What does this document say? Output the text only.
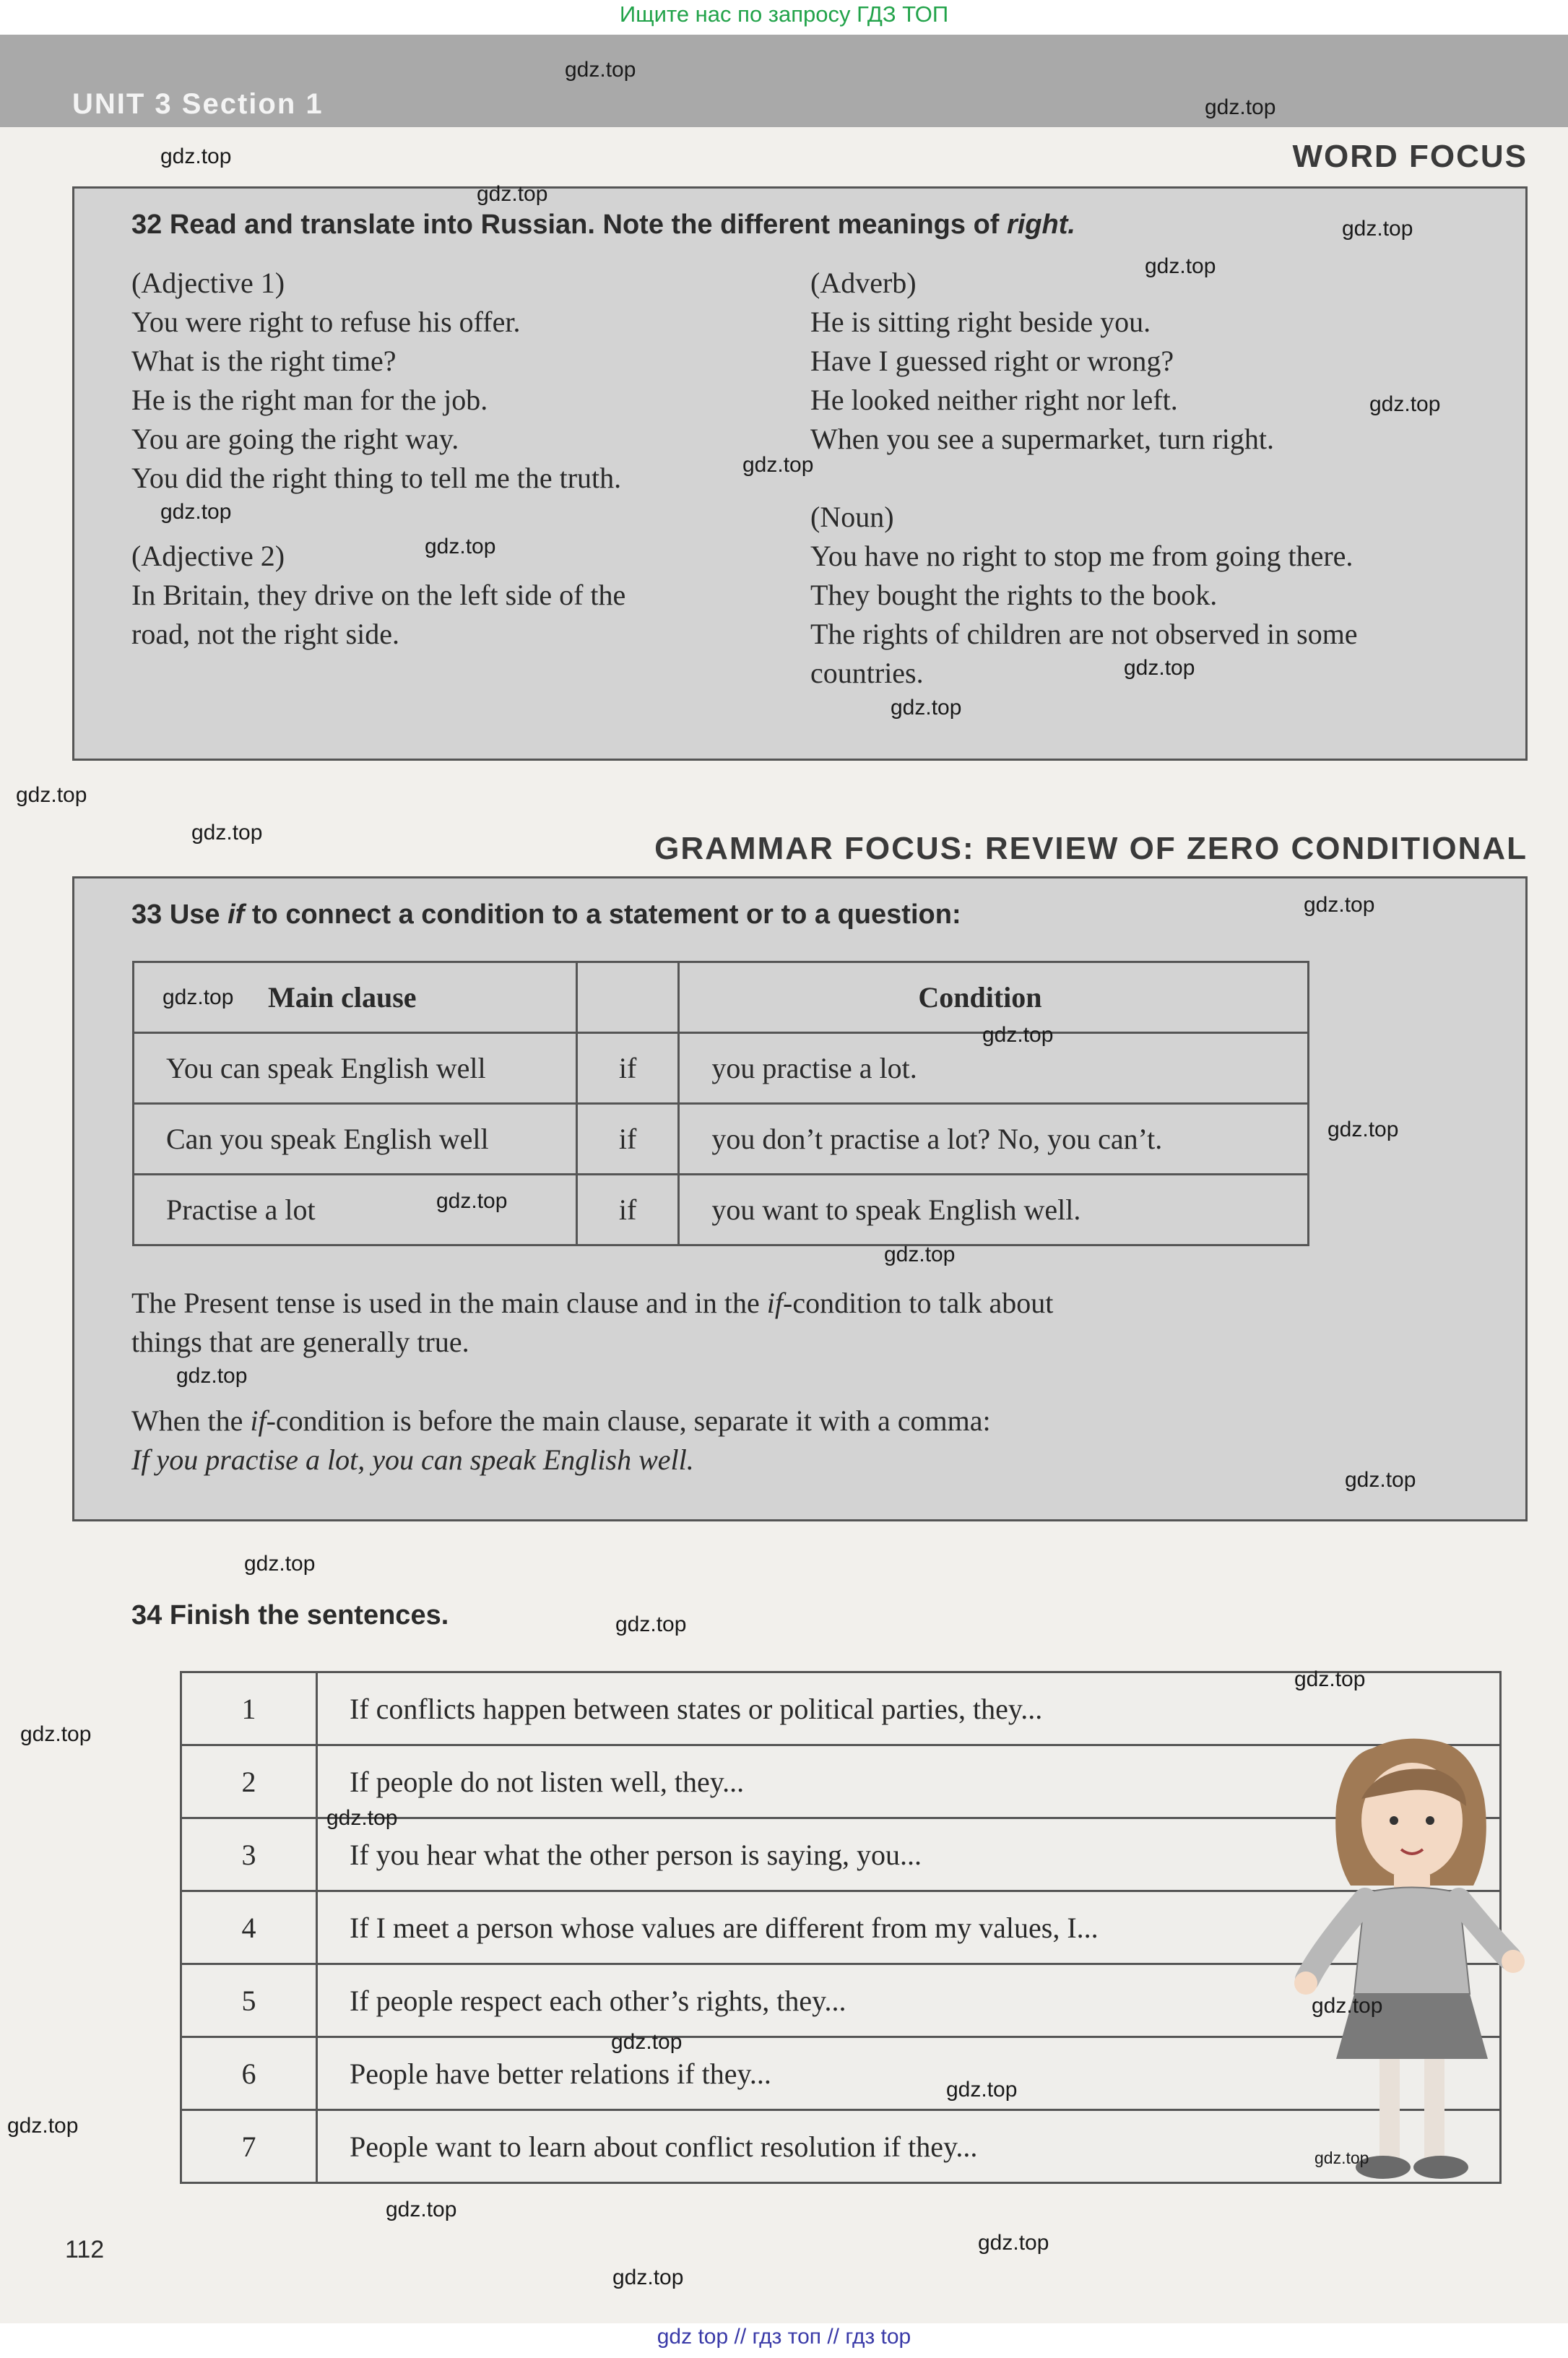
Ищите нас по запросу ГДЗ ТОП
UNIT 3 Section 1
WORD FOCUS
32 Read and translate into Russian. Note the different meanings of right.
(Adjective 1)
You were right to refuse his offer.
What is the right time?
He is the right man for the job.
You are going the right way.
You did the right thing to tell me the truth.
(Adjective 2)
In Britain, they drive on the left side of the
road, not the right side.
(Adverb)
He is sitting right beside you.
Have I guessed right or wrong?
He looked neither right nor left.
When you see a supermarket, turn right.
(Noun)
You have no right to stop me from going there.
They bought the rights to the book.
The rights of children are not observed in some
countries.
GRAMMAR FOCUS: REVIEW OF ZERO CONDITIONAL
33 Use if to connect a condition to a statement or to a question:
Main clause		Condition
You can speak English well	if	you practise a lot.
Can you speak English well	if	you don’t practise a lot? No, you can’t.
Practise a lot	if	you want to speak English well.
The Present tense is used in the main clause and in the if-condition to talk about
things that are generally true.
When the if-condition is before the main clause, separate it with a comma:
If you practise a lot, you can speak English well.
34 Finish the sentences.
1	If conflicts happen between states or political parties, they...
2	If people do not listen well, they...
3	If you hear what the other person is saying, you...
4	If I meet a person whose values are different from my values, I...
5	If people respect each other’s rights, they...
6	People have better relations if they...
7	People want to learn about conflict resolution if they...
gdz.top
gdz.top
gdz.top
gdz.top
gdz.top
gdz.top
gdz.top
gdz.top
gdz.top
gdz.top
gdz.top
gdz.top
gdz.top
gdz.top
gdz.top
gdz.top
gdz.top
gdz.top
gdz.top
gdz.top
gdz.top
gdz.top
gdz.top
gdz.top
gdz.top
gdz.top
gdz.top
gdz.top
gdz.top
gdz.top
gdz.top
gdz.top
gdz.top
gdz.top
gdz.top
112
gdz top // гдз топ // гдз top
